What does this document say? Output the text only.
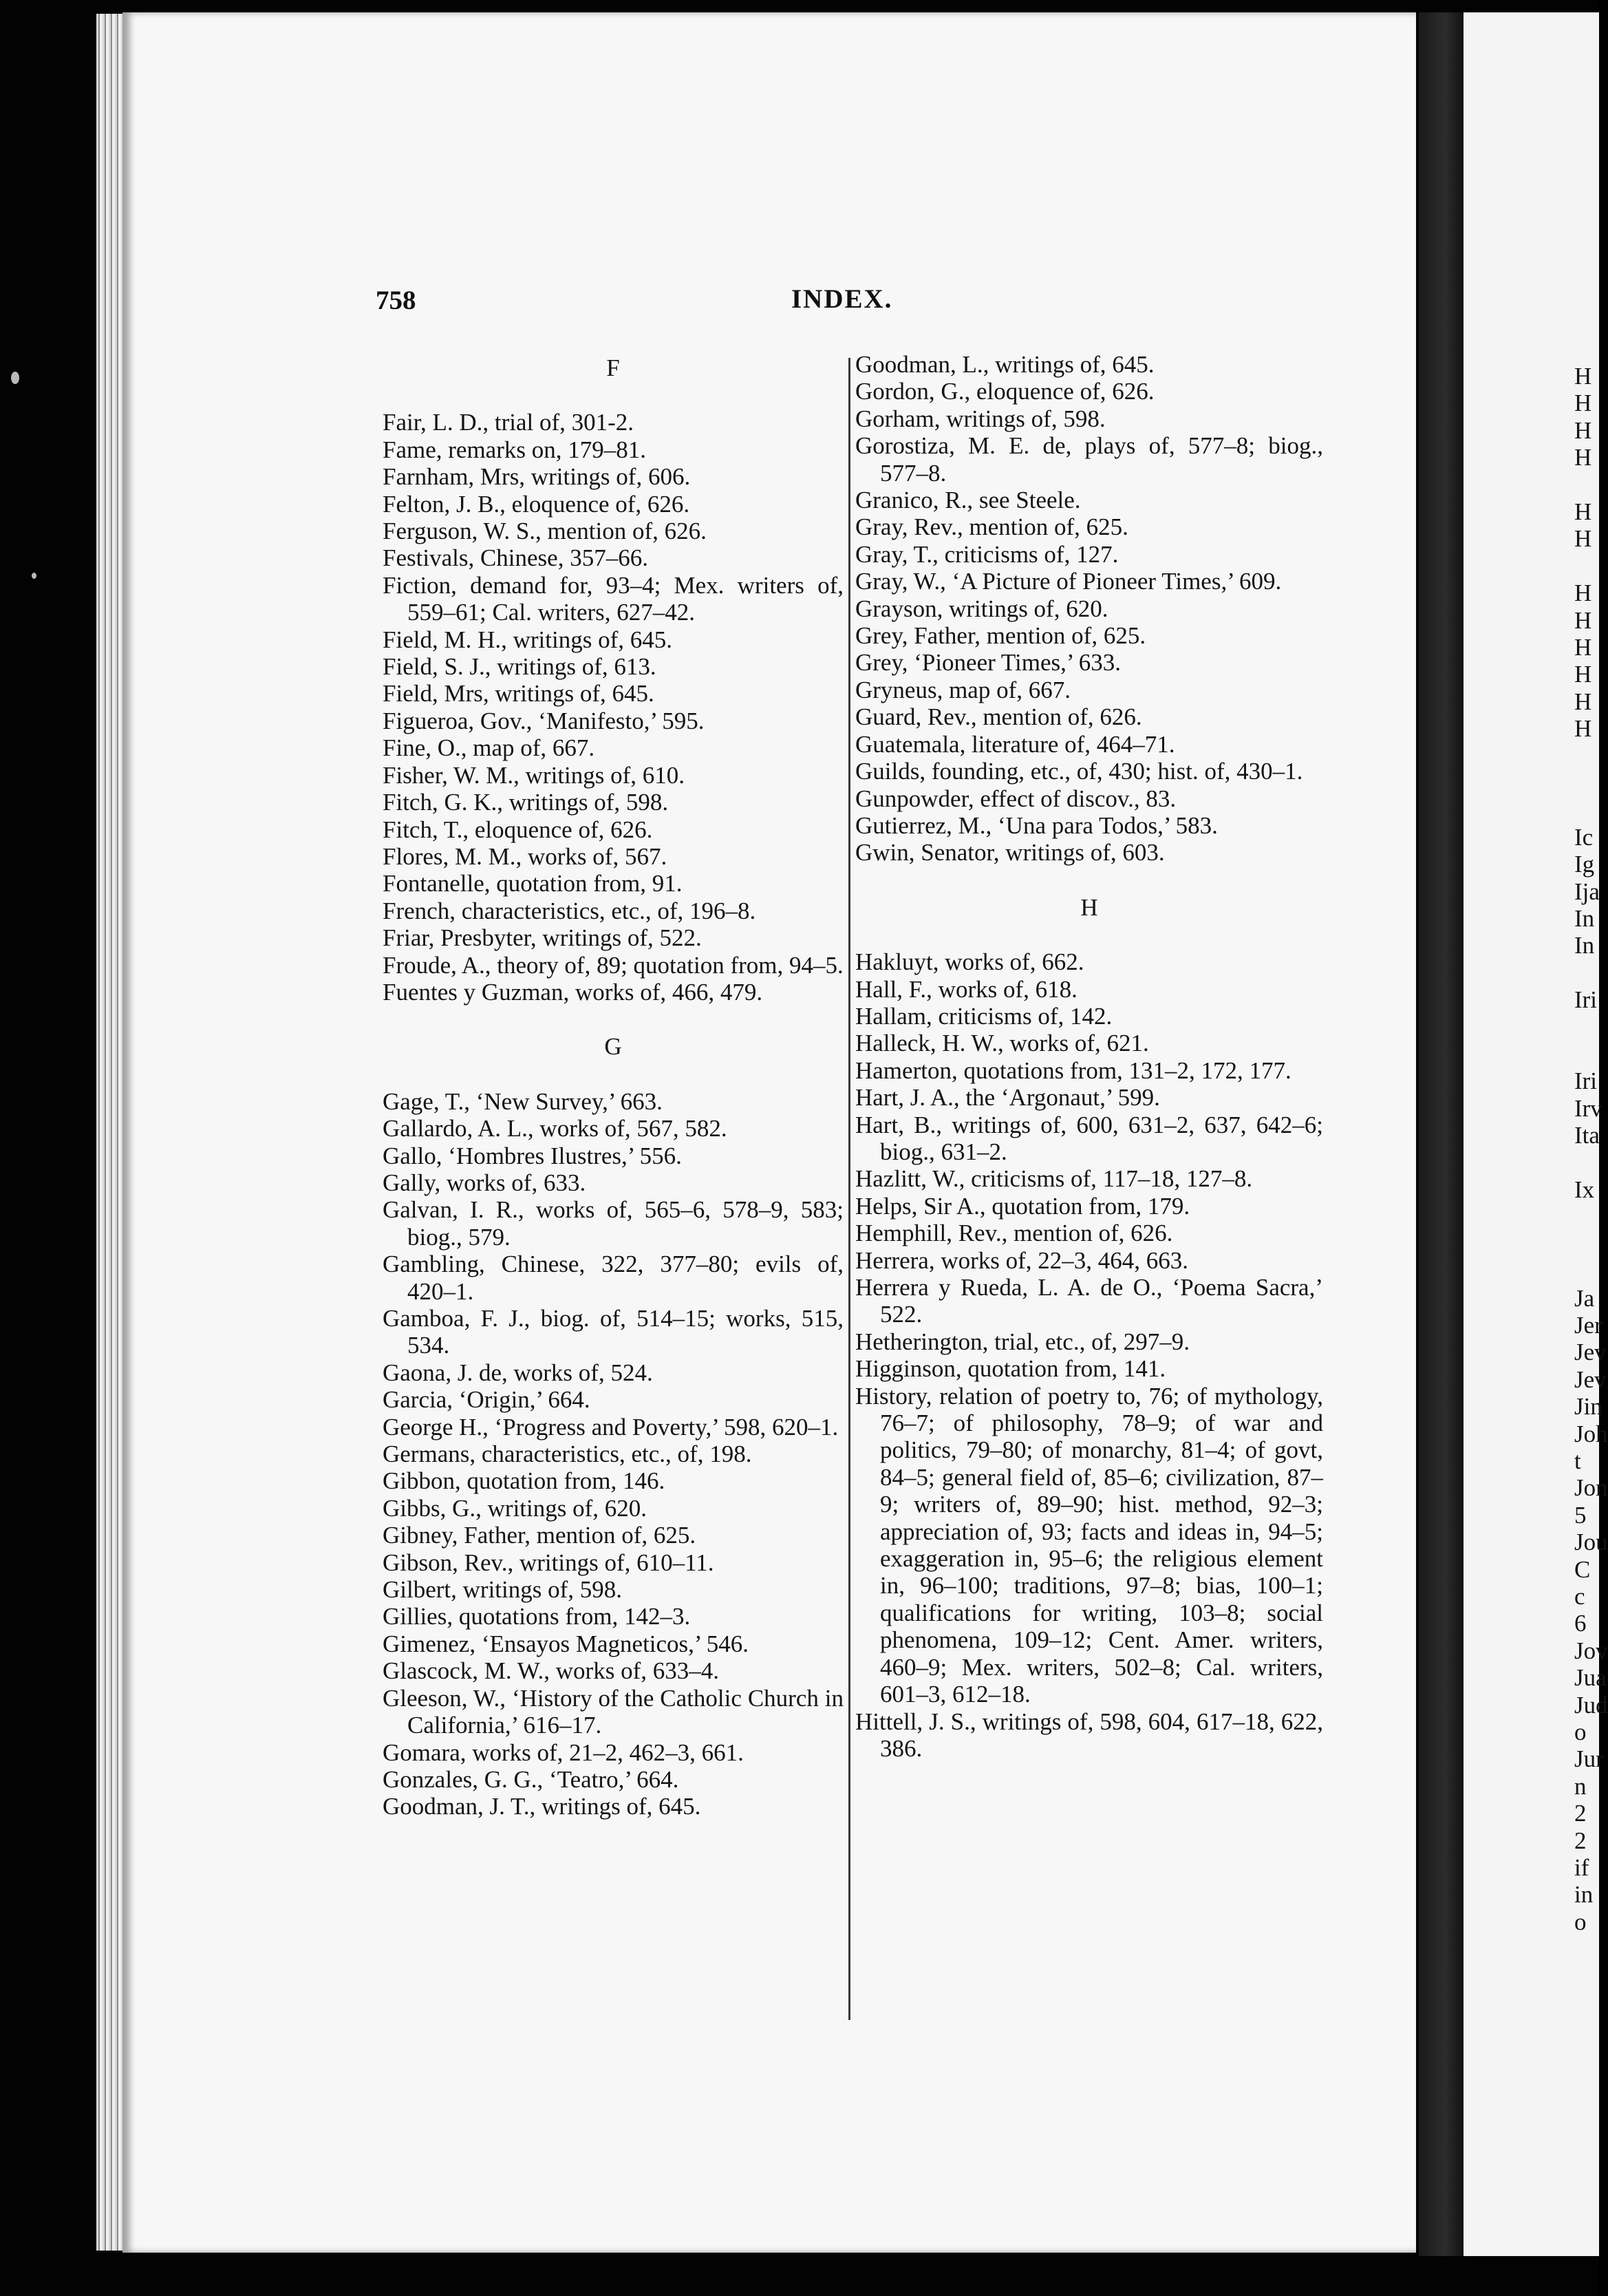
758	INDEX.
F
Fair, L. D., trial of, 301-2.
Fame, remarks on, 179–81.
Farnham, Mrs, writings of, 606.
Felton, J. B., eloquence of, 626.
Ferguson, W. S., mention of, 626.
Festivals, Chinese, 357–66.
Fiction, demand for, 93–4; Mex. writers of, 559–61; Cal. writers, 627–42.
Field, M. H., writings of, 645.
Field, S. J., writings of, 613.
Field, Mrs, writings of, 645.
Figueroa, Gov., ‘Manifesto,’ 595.
Fine, O., map of, 667.
Fisher, W. M., writings of, 610.
Fitch, G. K., writings of, 598.
Fitch, T., eloquence of, 626.
Flores, M. M., works of, 567.
Fontanelle, quotation from, 91.
French, characteristics, etc., of, 196–8.
Friar, Presbyter, writings of, 522.
Froude, A., theory of, 89; quotation from, 94–5.
Fuentes y Guzman, works of, 466, 479.
G
Gage, T., ‘New Survey,’ 663.
Gallardo, A. L., works of, 567, 582.
Gallo, ‘Hombres Ilustres,’ 556.
Gally, works of, 633.
Galvan, I. R., works of, 565–6, 578–9, 583; biog., 579.
Gambling, Chinese, 322, 377–80; evils of, 420–1.
Gamboa, F. J., biog. of, 514–15; works, 515, 534.
Gaona, J. de, works of, 524.
Garcia, ‘Origin,’ 664.
George H., ‘Progress and Poverty,’ 598, 620–1.
Germans, characteristics, etc., of, 198.
Gibbon, quotation from, 146.
Gibbs, G., writings of, 620.
Gibney, Father, mention of, 625.
Gibson, Rev., writings of, 610–11.
Gilbert, writings of, 598.
Gillies, quotations from, 142–3.
Gimenez, ‘Ensayos Magneticos,’ 546.
Glascock, M. W., works of, 633–4.
Gleeson, W., ‘History of the Catholic Church in California,’ 616–17.
Gomara, works of, 21–2, 462–3, 661.
Gonzales, G. G., ‘Teatro,’ 664.
Goodman, J. T., writings of, 645.
Goodman, L., writings of, 645.
Gordon, G., eloquence of, 626.
Gorham, writings of, 598.
Gorostiza, M. E. de, plays of, 577–8; biog., 577–8.
Granico, R., see Steele.
Gray, Rev., mention of, 625.
Gray, T., criticisms of, 127.
Gray, W., ‘A Picture of Pioneer Times,’ 609.
Grayson, writings of, 620.
Grey, Father, mention of, 625.
Grey, ‘Pioneer Times,’ 633.
Gryneus, map of, 667.
Guard, Rev., mention of, 626.
Guatemala, literature of, 464–71.
Guilds, founding, etc., of, 430; hist. of, 430–1.
Gunpowder, effect of discov., 83.
Gutierrez, M., ‘Una para Todos,’ 583.
Gwin, Senator, writings of, 603.
H
Hakluyt, works of, 662.
Hall, F., works of, 618.
Hallam, criticisms of, 142.
Halleck, H. W., works of, 621.
Hamerton, quotations from, 131–2, 172, 177.
Hart, J. A., the ‘Argonaut,’ 599.
Hart, B., writings of, 600, 631–2, 637, 642–6; biog., 631–2.
Hazlitt, W., criticisms of, 117–18, 127–8.
Helps, Sir A., quotation from, 179.
Hemphill, Rev., mention of, 626.
Herrera, works of, 22–3, 464, 663.
Herrera y Rueda, L. A. de O., ‘Poema Sacra,’ 522.
Hetherington, trial, etc., of, 297–9.
Higginson, quotation from, 141.
History, relation of poetry to, 76; of mythology, 76–7; of philosophy, 78–9; of war and politics, 79–80; of monarchy, 81–4; of govt, 84–5; general field of, 85–6; civilization, 87–9; writers of, 89–90; hist. method, 92–3; appreciation of, 93; facts and ideas in, 94–5; exaggeration in, 95–6; the religious element in, 96–100; traditions, 97–8; bias, 100–1; qualifications for writing, 103–8; social phenomena, 109–12; Cent. Amer. writers, 460–9; Mex. writers, 502–8; Cal. writers, 601–3, 612–18.
Hittell, J. S., writings of, 598, 604, 617–18, 622, 386.
H
H
H
H
H
H
H
H
H
H
H
H
Ic
Ig
Ija
In
In
Iri
Iri
Irv
Ita
Ix
Ja
Jer
Jev
Jev
Jin
Joh
t
Jon
5
Jou
C
c
6
Jov
Jua
Jud
o
Jur
n
2
2
if
in
o
